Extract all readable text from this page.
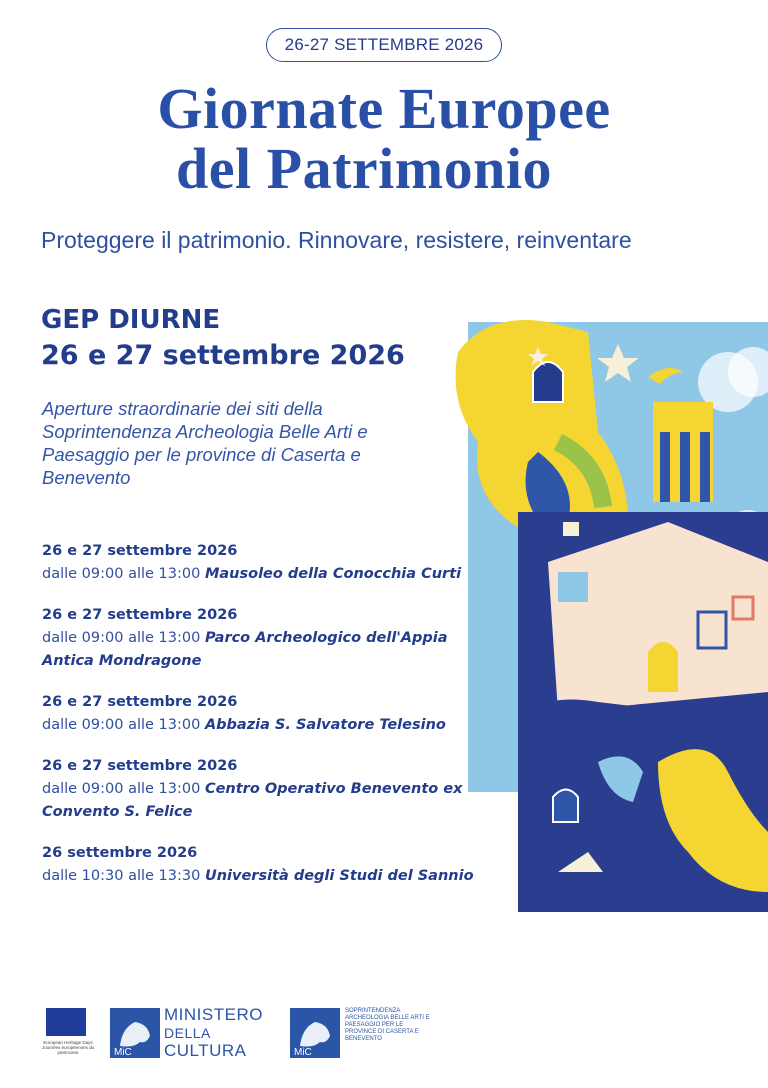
26-27 SETTEMBRE 2026
Giornate Europee
del Patrimonio
Proteggere il patrimonio. Rinnovare, resistere, reinventare
GEP DIURNE
26 e 27 settembre 2026
Aperture straordinarie dei siti della Soprintendenza Archeologia Belle Arti e Paesaggio per le province di Caserta e Benevento
26 e 27 settembre 2026
dalle 09:00 alle 13:00 Mausoleo della Conocchia Curti
26 e 27 settembre 2026
dalle 09:00 alle 13:00 Parco Archeologico dell'Appia Antica Mondragone
26 e 27 settembre 2026
dalle 09:00 alle 13:00 Abbazia S. Salvatore Telesino
26 e 27 settembre 2026
dalle 09:00 alle 13:00 Centro Operativo Benevento ex Convento S. Felice
26 settembre 2026
dalle 10:30 alle 13:30 Università degli Studi del Sannio
European Heritage Days Journées européennes du patrimoine	MiC
MINISTERO
DELLA
CULTURA	MiC
SOPRINTENDENZA ARCHEOLOGIA BELLE ARTI E PAESAGGIO PER LE PROVINCE DI CASERTA E BENEVENTO
